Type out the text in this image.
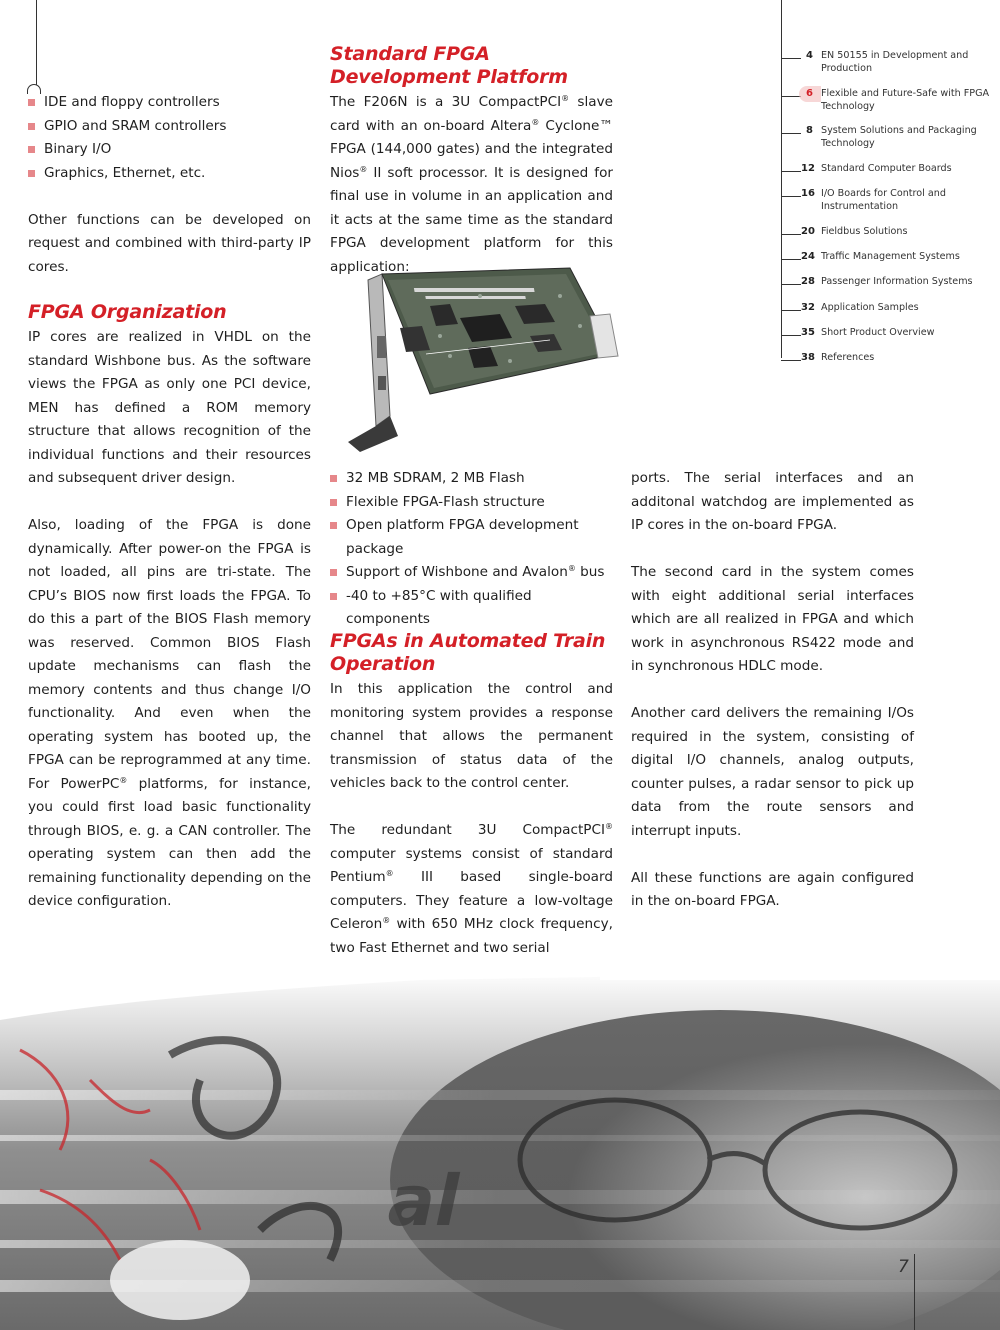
IDE and floppy controllers
GPIO and SRAM controllers
Binary I/O
Graphics, Ethernet, etc.

Other functions can be developed on request and combined with third-party IP cores.

FPGA Organization

IP cores are realized in VHDL on the standard Wishbone bus. As the software views the FPGA as only one PCI device, MEN has defined a ROM memory structure that allows recognition of the individual functions and their resources and subsequent driver design.

Also, loading of the FPGA is done dynamically. After power-on the FPGA is not loaded, all pins are tri-state. The CPU’s BIOS now first loads the FPGA. To do this a part of the BIOS Flash memory was reserved. Common BIOS Flash update mechanisms can flash the memory contents and thus change I/O functionality. And even when the operating system has booted up, the FPGA can be reprogrammed at any time. For PowerPC® platforms, for instance, you could first load basic functionality through BIOS, e. g. a CAN controller. The operating system can then add the remaining functionality depending on the device configuration.

Standard FPGA Development Platform

The F206N is a 3U CompactPCI® slave card with an on-board Altera® Cyclone™ FPGA (144,000 gates) and the integrated Nios® II soft processor. It is designed for final use in volume in an application and it acts at the same time as the standard FPGA development platform for this application:

32 MB SDRAM, 2 MB Flash
Flexible FPGA-Flash structure
Open platform FPGA development package
Support of Wishbone and Avalon® bus
-40 to +85°C with qualified components
FPGAs in Automated Train Operation

In this application the control and monitoring system provides a response channel that allows the permanent transmission of status data of the vehicles back to the control center.

The redundant 3U CompactPCI® computer systems consist of standard Pentium® III based single-board computers. They feature a low-voltage Celeron® with 650 MHz clock frequency, two Fast Ethernet and two serial

ports. The serial interfaces and an additonal watchdog are implemented as IP cores in the on-board FPGA.

The second card in the system comes with eight additional serial interfaces which are all realized in FPGA and which work in asynchronous RS422 mode and in synchronous HDLC mode.

Another card delivers the remaining I/Os required in the system, consisting of digital I/O channels, analog outputs, counter pulses, a radar sensor to pick up data from the route sensors and interrupt inputs.

All these functions are again configured in the on-board FPGA.

4 EN 50155 in Development and Production
6 Flexible and Future-Safe with FPGA Technology
8 System Solutions and Packaging Technology
12 Standard Computer Boards
16 I/O Boards for Control and Instrumentation
20 Fieldbus Solutions
24 Traffic Management Systems
28 Passenger Information Systems
32 Application Samples
35 Short Product Overview
38 References
al
7
